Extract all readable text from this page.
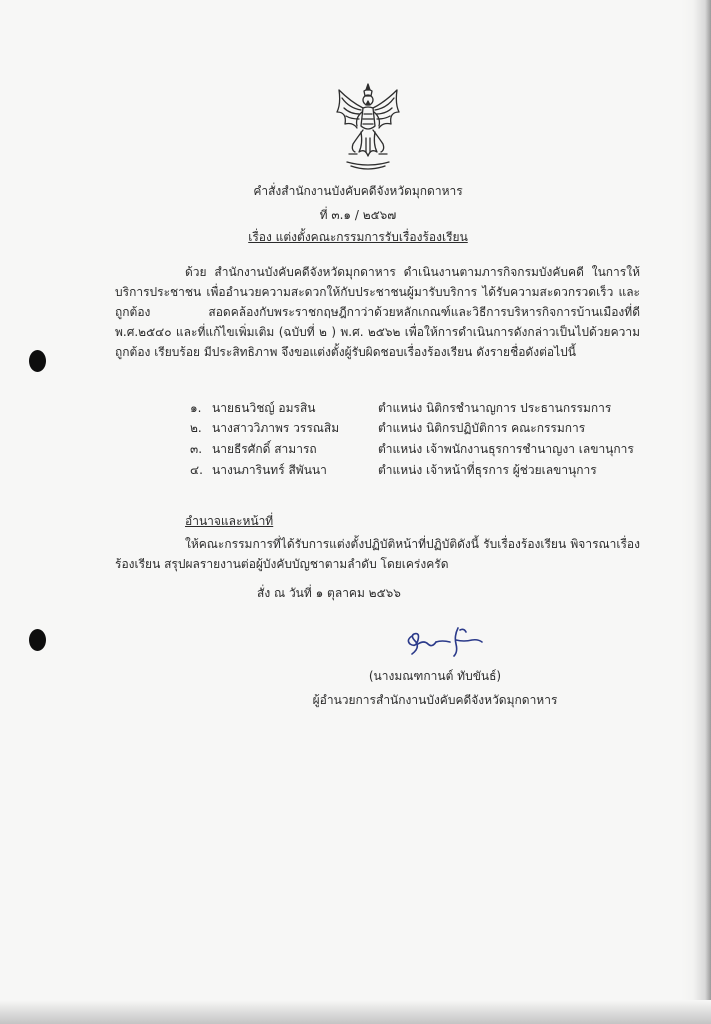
คำสั่งสำนักงานบังคับคดีจังหวัดมุกดาหาร
ที่ ๓.๑ / ๒๕๖๗
เรื่อง แต่งตั้งคณะกรรมการรับเรื่องร้องเรียน
ด้วย สำนักงานบังคับคดีจังหวัดมุกดาหาร ดำเนินงานตามภารกิจกรมบังคับคดี ในการให้บริการประชาชน เพื่ออำนวยความสะดวกให้กับประชาชนผู้มารับบริการ ได้รับความสะดวกรวดเร็ว และถูกต้อง สอดคล้องกับพระราชกฤษฎีกาว่าด้วยหลักเกณฑ์และวิธีการบริหารกิจการบ้านเมืองที่ดี พ.ศ.๒๕๔๐ และที่แก้ไขเพิ่มเติม (ฉบับที่ ๒ ) พ.ศ. ๒๕๖๒ เพื่อให้การดำเนินการดังกล่าวเป็นไปด้วยความถูกต้อง เรียบร้อย มีประสิทธิภาพ จึงขอแต่งตั้งผู้รับผิดชอบเรื่องร้องเรียน ดังรายชื่อดังต่อไปนี้
๑. นายธนวิชญ์ อมรสิน	ตำแหน่ง นิติกรชำนาญการ ประธานกรรมการ
๒. นางสาววิภาพร วรรณสิม	ตำแหน่ง นิติกรปฏิบัติการ คณะกรรมการ
๓. นายธีรศักดิ์ สามารถ	ตำแหน่ง เจ้าพนักงานธุรการชำนาญงา เลขานุการ
๔. นางนภารินทร์ สีพันนา	ตำแหน่ง เจ้าหน้าที่ธุรการ ผู้ช่วยเลขานุการ
อำนาจและหน้าที่
ให้คณะกรรมการที่ได้รับการแต่งตั้งปฏิบัติหน้าที่ปฏิบัติดังนี้ รับเรื่องร้องเรียน พิจารณาเรื่องร้องเรียน สรุปผลรายงานต่อผู้บังคับบัญชาตามลำดับ โดยเคร่งครัด
สั่ง ณ วันที่ ๑ ตุลาคม ๒๕๖๖
(นางมณฑกานต์ ทับขันธ์)
ผู้อำนวยการสำนักงานบังคับคดีจังหวัดมุกดาหาร
